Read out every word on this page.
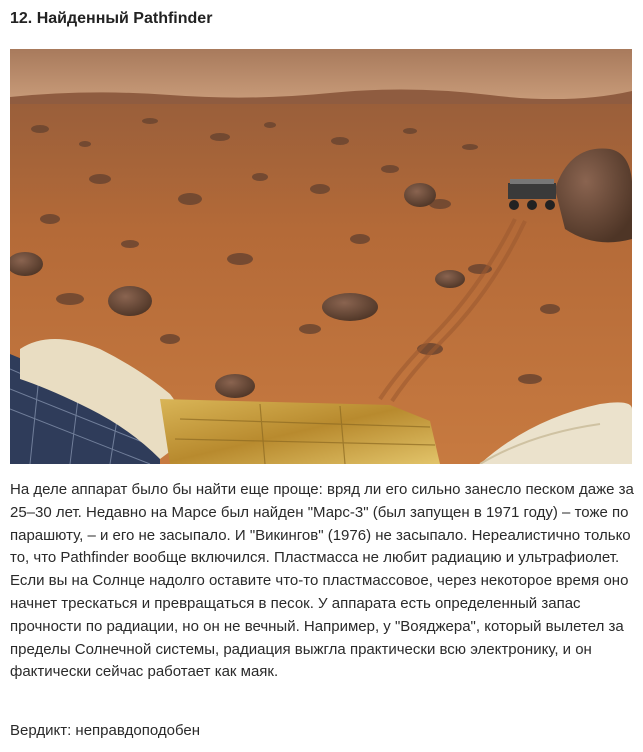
12. Найденный Pathfinder

На деле аппарат было бы найти еще проще: вряд ли его сильно занесло песком даже за 25–30 лет. Недавно на Марсе был найден "Марс-3" (был запущен в 1971 году) – тоже по парашюту, – и его не засыпало. И "Викингов" (1976) не засыпало. Нереалистично только то, что Pathfinder вообще включился. Пластмасса не любит радиацию и ультрафиолет. Если вы на Солнце надолго оставите что-то пластмассовое, через некоторое время оно начнет трескаться и превращаться в песок. У аппарата есть определенный запас прочности по радиации, но он не вечный. Например, у "Вояджера", который вылетел за пределы Солнечной системы, радиация выжгла практически всю электронику, и он фактически сейчас работает как маяк.

Вердикт: неправдоподобен
